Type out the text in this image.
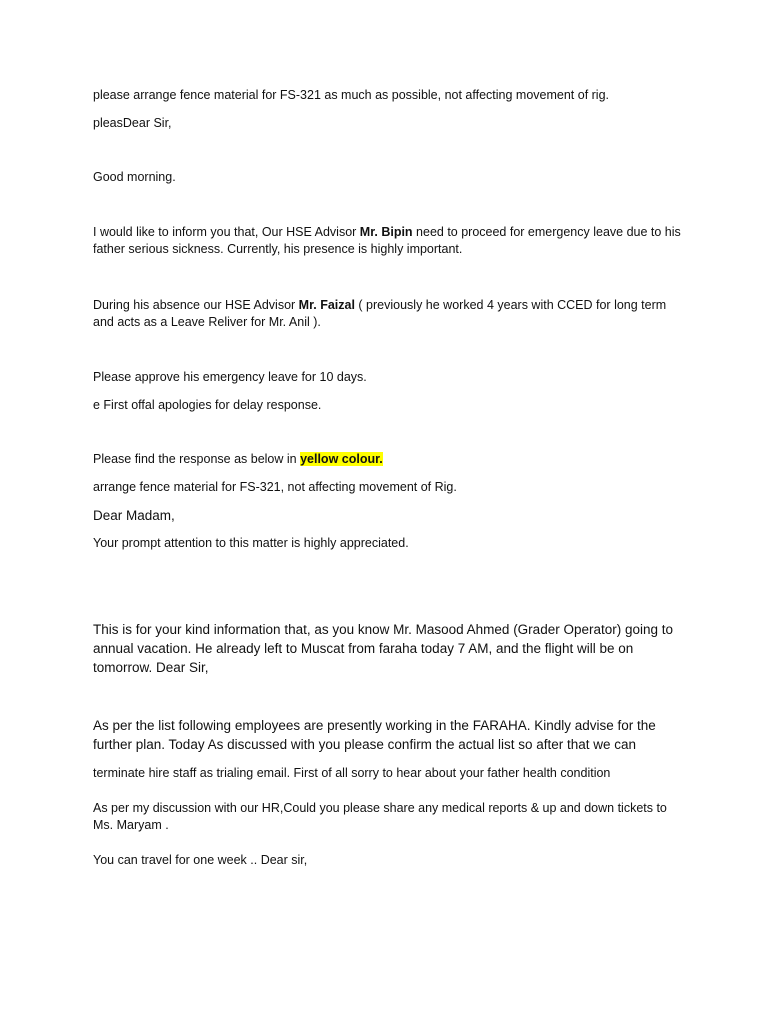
please arrange fence material for FS-321 as much as possible, not affecting movement of rig.

pleasDear Sir,

Good morning.

I would like to inform you that, Our HSE Advisor Mr. Bipin need to proceed for emergency leave due to his father serious sickness. Currently, his presence is highly important.

During his absence our HSE Advisor Mr. Faizal ( previously he worked 4 years with CCED for long term and acts as a Leave Reliver for Mr. Anil ).

Please approve his emergency leave for 10 days.

e First offal apologies for delay response.

Please find the response as below in yellow colour.

arrange fence material for FS-321, not affecting movement of Rig.

Dear Madam,

Your prompt attention to this matter is highly appreciated.

This is for your kind information that, as you know Mr. Masood Ahmed (Grader Operator) going to annual vacation. He already left to Muscat from faraha today 7 AM, and the flight will be on tomorrow. Dear Sir,

As per the list following employees are presently working in the FARAHA. Kindly advise for the further plan. Today As discussed with you please confirm the actual list so after that we can

terminate hire staff as trialing email. First of all sorry to hear about your father health condition

As per my discussion with our HR,Could you please share any medical reports & up and down tickets to Ms. Maryam .

You can travel for one week .. Dear sir,
